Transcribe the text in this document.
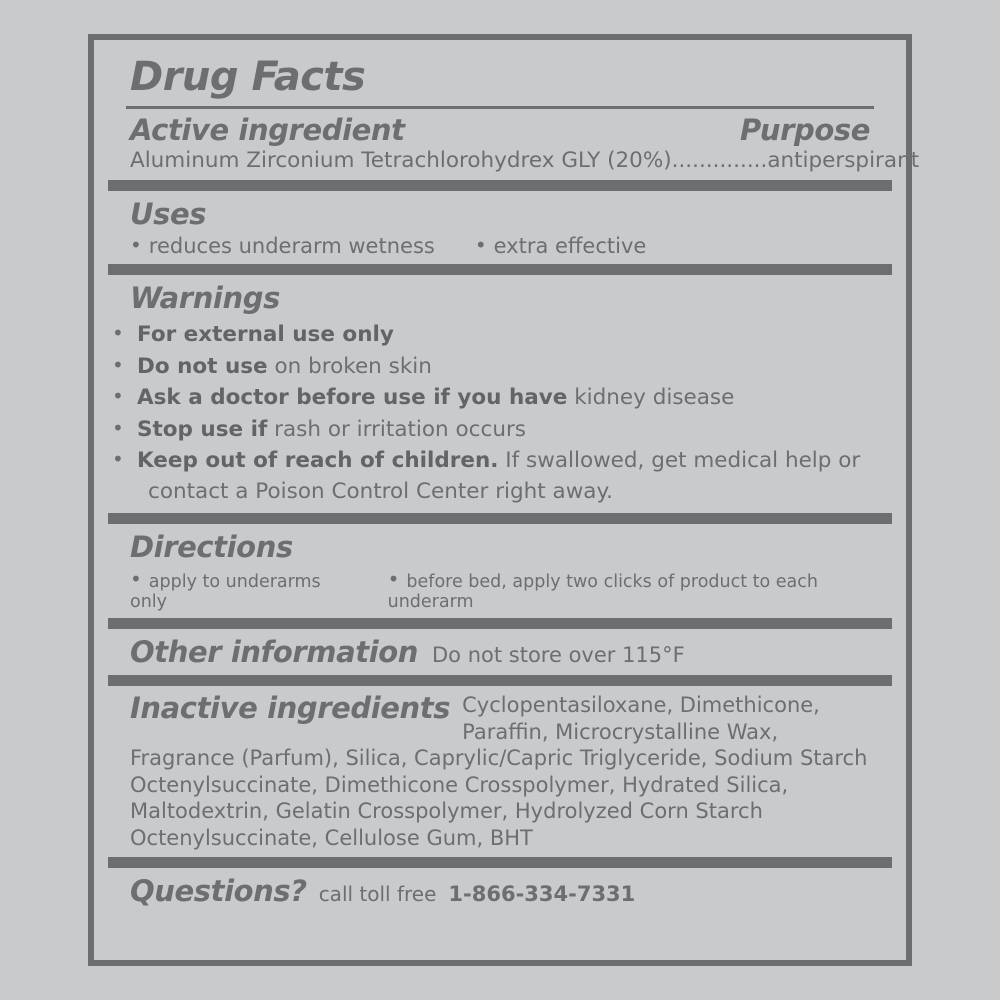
Drug Facts
Active ingredient	Purpose
Aluminum Zirconium Tetrachlorohydrex GLY (20%)..............antiperspirant
Uses
• reduces underarm wetness	• extra effective
Warnings
• For external use only
• Do not use on broken skin
• Ask a doctor before use if you have kidney disease
• Stop use if rash or irritation occurs
• Keep out of reach of children. If swallowed, get medical help or contact a Poison Control Center right away.
Directions
• apply to underarms only
• before bed, apply two clicks of product to each underarm
Other information Do not store over 115°F
Inactive ingredients Cyclopentasiloxane, Dimethicone, Paraffin, Microcrystalline Wax, Fragrance (Parfum), Silica, Caprylic/Capric Triglyceride, Sodium Starch Octenylsuccinate, Dimethicone Crosspolymer, Hydrated Silica, Maltodextrin, Gelatin Crosspolymer, Hydrolyzed Corn Starch Octenylsuccinate, Cellulose Gum, BHT
Questions? call toll free 1-866-334-7331
